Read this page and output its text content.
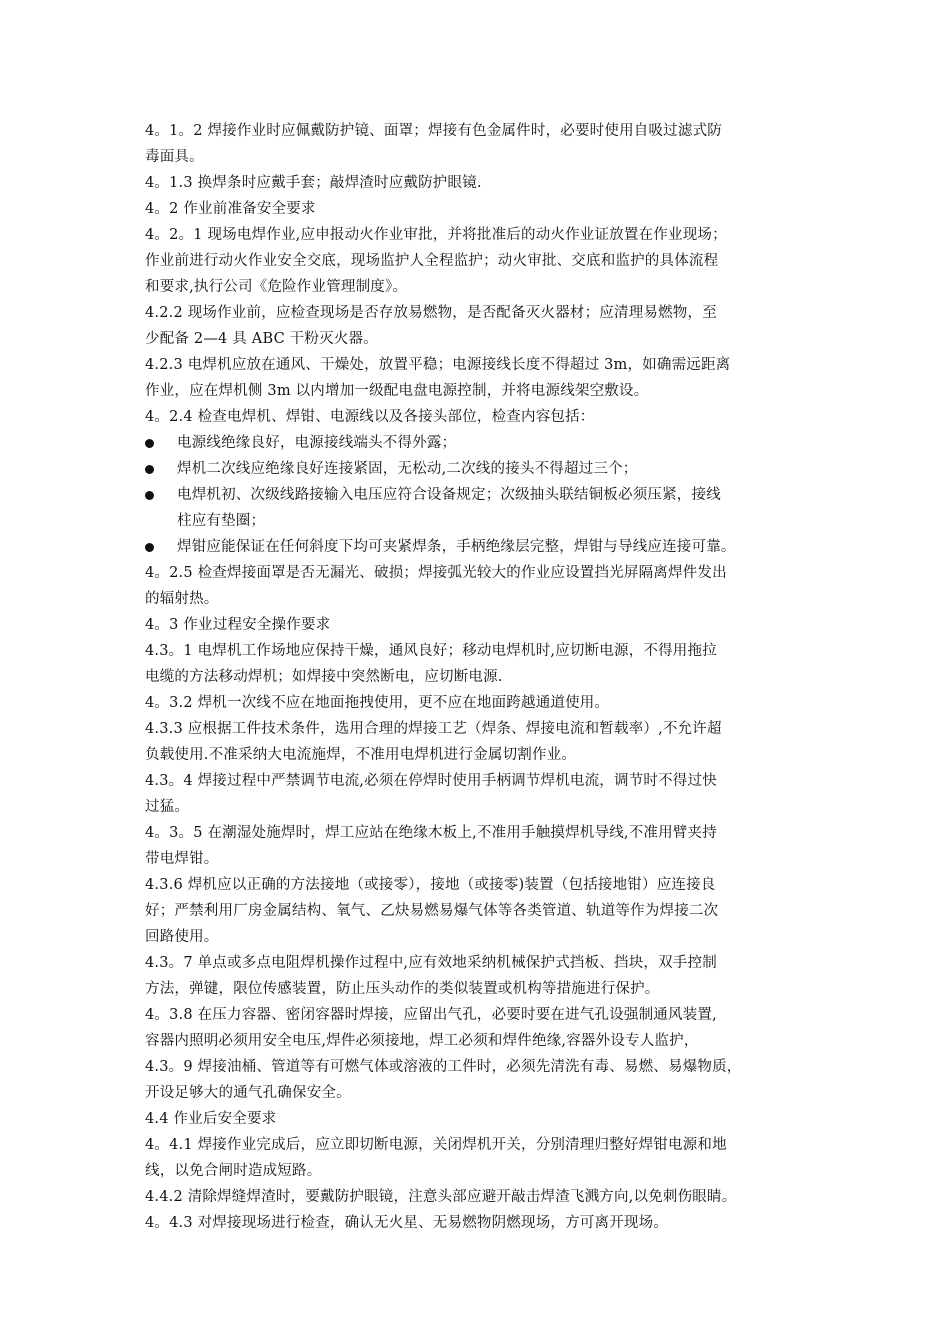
4。1。2 焊接作业时应佩戴防护镜、面罩；焊接有色金属件时，必要时使用自吸过滤式防
毒面具。
4。1.3 换焊条时应戴手套；敲焊渣时应戴防护眼镜.
4。2 作业前准备安全要求
4。2。1 现场电焊作业,应申报动火作业审批，并将批准后的动火作业证放置在作业现场；
作业前进行动火作业安全交底，现场监护人全程监护；动火审批、交底和监护的具体流程
和要求,执行公司《危险作业管理制度》。
4.2.2 现场作业前，应检查现场是否存放易燃物，是否配备灭火器材；应清理易燃物，至
少配备 2—4 具 ABC 干粉灭火器。
4.2.3 电焊机应放在通风、干燥处，放置平稳；电源接线长度不得超过 3m，如确需远距离
作业，应在焊机侧 3m 以内增加一级配电盘电源控制，并将电源线架空敷设。
4。2.4 检查电焊机、焊钳、电源线以及各接头部位，检查内容包括：
电源线绝缘良好，电源接线端头不得外露；
焊机二次线应绝缘良好连接紧固，无松动,二次线的接头不得超过三个；
电焊机初、次级线路接输入电压应符合设备规定；次级抽头联结铜板必须压紧，接线
柱应有垫圈；
焊钳应能保证在任何斜度下均可夹紧焊条，手柄绝缘层完整，焊钳与导线应连接可靠。
4。2.5 检查焊接面罩是否无漏光、破损；焊接弧光较大的作业应设置挡光屏隔离焊件发出
的辐射热。
4。3 作业过程安全操作要求
4.3。1 电焊机工作场地应保持干燥，通风良好；移动电焊机时,应切断电源，不得用拖拉
电缆的方法移动焊机；如焊接中突然断电，应切断电源.
4。3.2 焊机一次线不应在地面拖拽使用，更不应在地面跨越通道使用。
4.3.3 应根据工件技术条件，选用合理的焊接工艺（焊条、焊接电流和暂载率）,不允许超
负载使用.不准采纳大电流施焊，不准用电焊机进行金属切割作业。
4.3。4 焊接过程中严禁调节电流,必须在停焊时使用手柄调节焊机电流，调节时不得过快
过猛。
4。3。5 在潮湿处施焊时，焊工应站在绝缘木板上,不准用手触摸焊机导线,不准用臂夹持
带电焊钳。
4.3.6 焊机应以正确的方法接地（或接零），接地（或接零)装置（包括接地钳）应连接良
好；严禁利用厂房金属结构、氧气、乙炔易燃易爆气体等各类管道、轨道等作为焊接二次
回路使用。
4.3。7 单点或多点电阻焊机操作过程中,应有效地采纳机械保护式挡板、挡块，双手控制
方法，弹键，限位传感装置，防止压头动作的类似装置或机构等措施进行保护。
4。3.8 在压力容器、密闭容器时焊接，应留出气孔，必要时要在进气孔设强制通风装置,
容器内照明必须用安全电压,焊件必须接地，焊工必须和焊件绝缘,容器外设专人监护，
4.3。9 焊接油桶、管道等有可燃气体或溶液的工件时，必须先清洗有毒、易燃、易爆物质，
开设足够大的通气孔确保安全。
4.4 作业后安全要求
4。4.1 焊接作业完成后，应立即切断电源，关闭焊机开关，分别清理归整好焊钳电源和地
线，以免合闸时造成短路。
4.4.2 清除焊缝焊渣时，要戴防护眼镜，注意头部应避开敲击焊渣飞溅方向,以免刺伤眼睛。
4。4.3 对焊接现场进行检查，确认无火星、无易燃物阴燃现场，方可离开现场。
